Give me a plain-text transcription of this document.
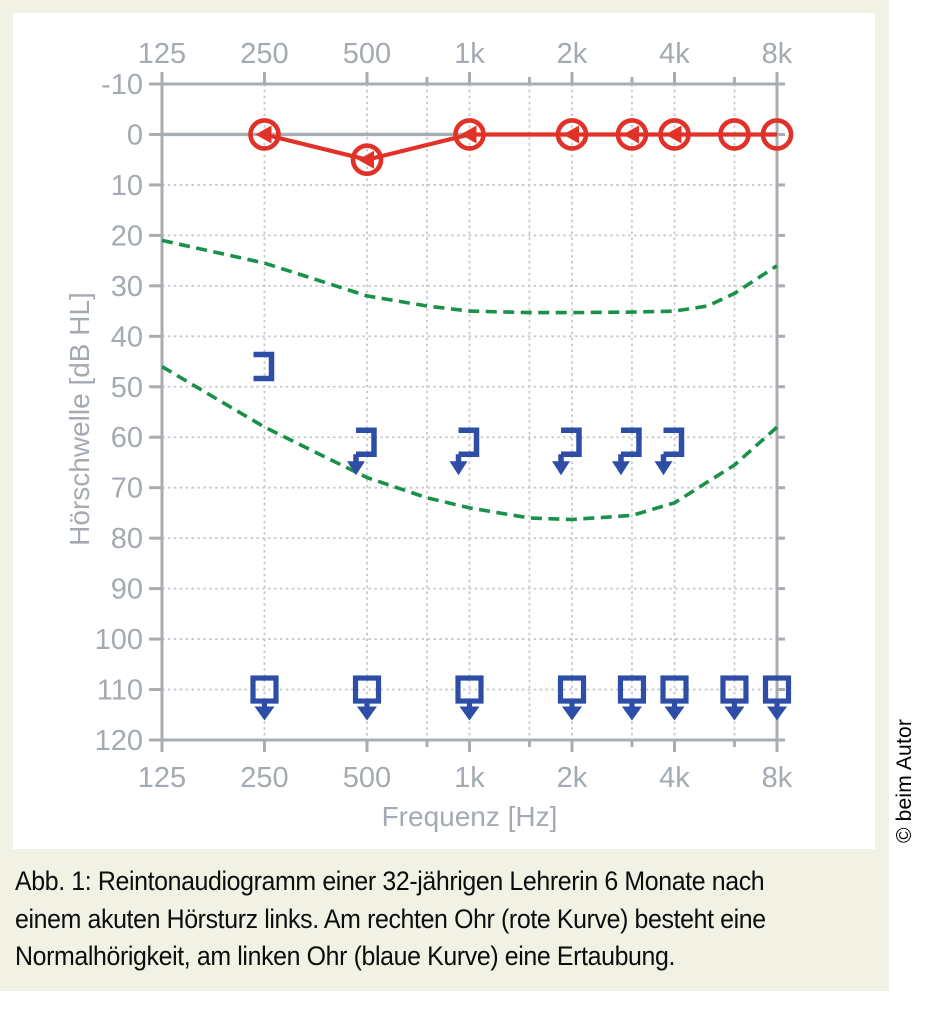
125 250 500 1k 2k 4k 8k
125 250 500 1k 2k 4k 8k
-10
0
10
20
30
40
50
60
70
80
90
100
110
120
Frequenz [Hz]
Hörschwelle [dB HL]
Abb. 1: Reintonaudiogramm einer 32-jährigen Lehrerin 6 Monate nach
einem akuten Hörsturz links. Am rechten Ohr (rote Kurve) besteht eine
Normalhörigkeit, am linken Ohr (blaue Kurve) eine Ertaubung.
© beim Autor
